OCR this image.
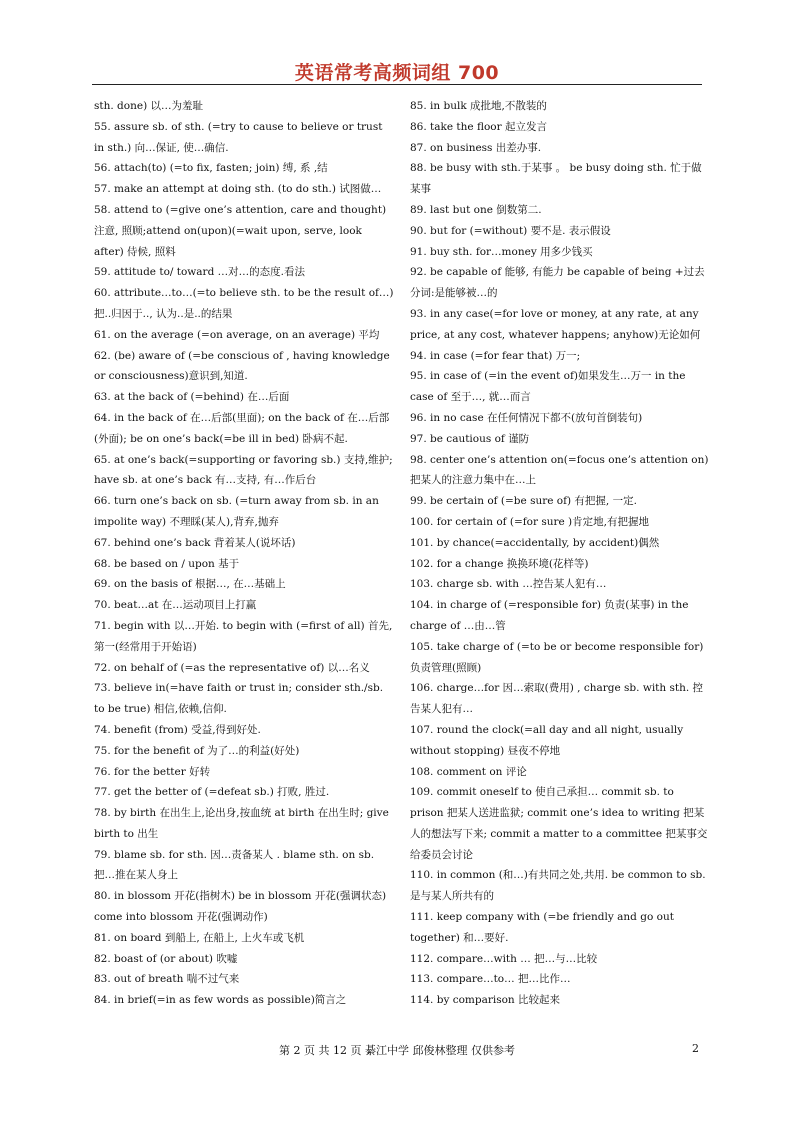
英语常考高频词组 700

sth. done) 以…为羞耻

55. assure sb. of sth. (=try to cause to believe or trust in sth.) 向…保证, 使…确信.

56. attach(to) (=to fix, fasten; join) 缚, 系 ,结

57. make an attempt at doing sth. (to do sth.) 试图做…

58. attend to (=give one’s attention, care and thought)注意, 照顾;attend on(upon)(=wait upon, serve, look after) 侍候, 照料

59. attitude to/ toward …对…的态度.看法

60. attribute…to…(=to believe sth. to be the result of…)把..归因于.., 认为..是..的结果

61. on the average (=on average, on an average) 平均

62. (be) aware of (=be conscious of , having knowledge or consciousness)意识到,知道.

63. at the back of (=behind) 在…后面

64. in the back of 在…后部(里面); on the back of 在…后部(外面); be on one’s back(=be ill in bed) 卧病不起.

65. at one’s back(=supporting or favoring sb.) 支持,维护; have sb. at one’s back 有…支持, 有…作后台

66. turn one’s back on sb. (=turn away from sb. in an impolite way) 不理睬(某人),背弃,抛弃

67. behind one’s back 背着某人(说坏话)

68. be based on / upon 基于

69. on the basis of 根据…, 在…基础上

70. beat…at 在…运动项目上打赢

71. begin with 以…开始. to begin with (=first of all) 首先, 第一(经常用于开始语)

72. on behalf of (=as the representative of) 以…名义

73. believe in(=have faith or trust in; consider sth./sb. to be true) 相信,依赖,信仰.

74. benefit (from) 受益,得到好处.

75. for the benefit of 为了…的利益(好处)

76. for the better 好转

77. get the better of (=defeat sb.) 打败, 胜过.

78. by birth 在出生上,论出身,按血统 at birth 在出生时; give birth to 出生

79. blame sb. for sth. 因…责备某人 . blame sth. on sb. 把…推在某人身上

80. in blossom 开花(指树木) be in blossom 开花(强调状态) come into blossom 开花(强调动作)

81. on board 到船上, 在船上, 上火车或飞机

82. boast of (or about) 吹嘘

83. out of breath 喘不过气来

84. in brief(=in as few words as possible)简言之

85. in bulk 成批地,不散装的

86. take the floor 起立发言

87. on business 出差办事.

88. be busy with sth.于某事 。 be busy doing sth. 忙于做某事

89. last but one 倒数第二.

90. but for (=without) 要不是. 表示假设

91. buy sth. for…money 用多少钱买

92. be capable of 能够, 有能力 be capable of being +过去分词:是能够被…的

93. in any case(=for love or money, at any rate, at any price, at any cost, whatever happens; anyhow)无论如何

94. in case (=for fear that) 万一;

95. in case of (=in the event of)如果发生…万一 in the case of 至于…, 就…而言

96. in no case 在任何情况下都不(放句首倒装句)

97. be cautious of 谨防

98. center one’s attention on(=focus one’s attention on) 把某人的注意力集中在…上

99. be certain of (=be sure of) 有把握, 一定.

100. for certain of (=for sure )肯定地,有把握地

101. by chance(=accidentally, by accident)偶然

102. for a change 换换环境(花样等)

103. charge sb. with …控告某人犯有…

104. in charge of (=responsible for) 负责(某事) in the charge of …由…管

105. take charge of (=to be or become responsible for)负责管理(照顾)

106. charge…for 因…索取(费用) , charge sb. with sth. 控告某人犯有…

107. round the clock(=all day and all night, usually without stopping) 昼夜不停地

108. comment on 评论

109. commit oneself to 使自己承担… commit sb. to prison 把某人送进监狱; commit one’s idea to writing 把某人的想法写下来; commit a matter to a committee 把某事交给委员会讨论

110. in common (和…)有共同之处,共用. be common to sb. 是与某人所共有的

111. keep company with (=be friendly and go out together) 和…要好.

112. compare…with … 把…与…比较

113. compare…to… 把…比作…

114. by comparison 比较起来

第 2 页 共 12 页 綦江中学 邱俊林整理 仅供参考	2
